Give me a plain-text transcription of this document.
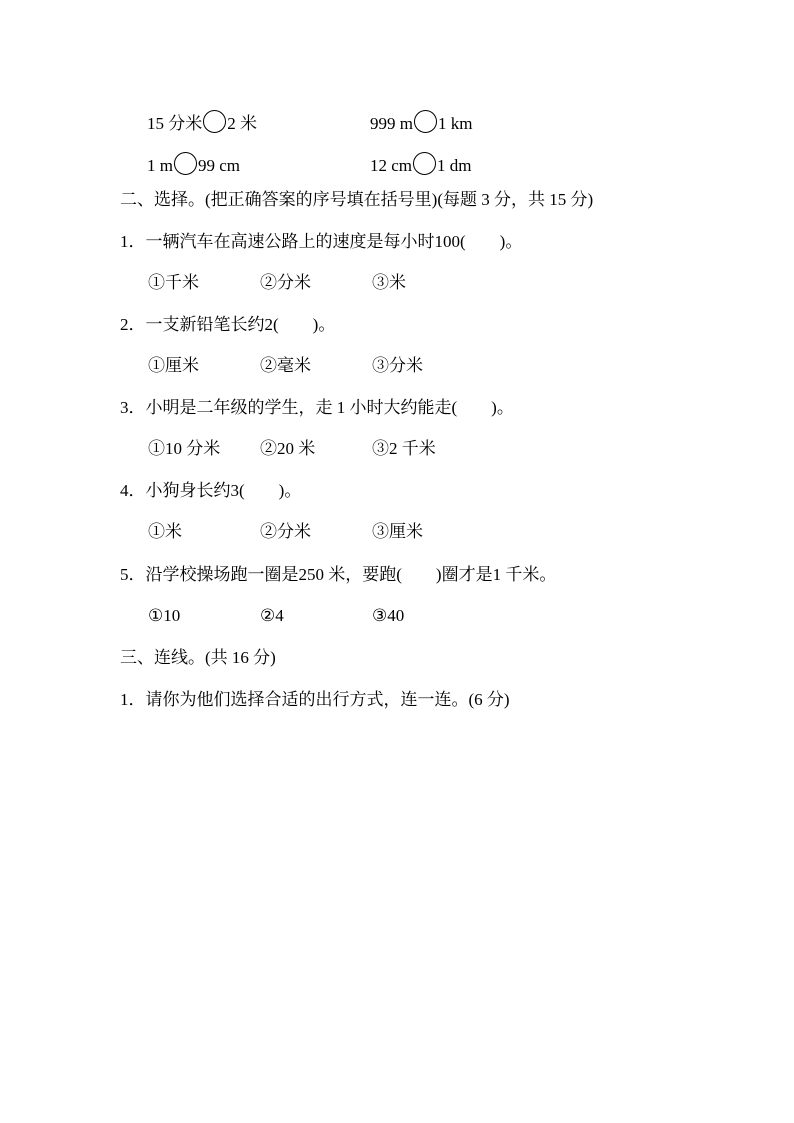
15 分米 2 米	999 m 1 km
1 m 99 cm	12 cm 1 dm
二、选择。(把正确答案的序号填在括号里)(每题 3 分，共 15 分)
1．一辆汽车在高速公路上的速度是每小时100(　　)。
①千米	②分米	③米
2．一支新铅笔长约2(　　)。
①厘米	②毫米	③分米
3．小明是二年级的学生，走 1 小时大约能走(　　)。
①10 分米 ②20 米	③2 千米
4．小狗身长约3(　　)。
①米	②分米	③厘米
5．沿学校操场跑一圈是250 米，要跑(　　)圈才是1 千米。
①10	②4	③40
三、连线。(共 16 分)
1．请你为他们选择合适的出行方式，连一连。(6 分)
